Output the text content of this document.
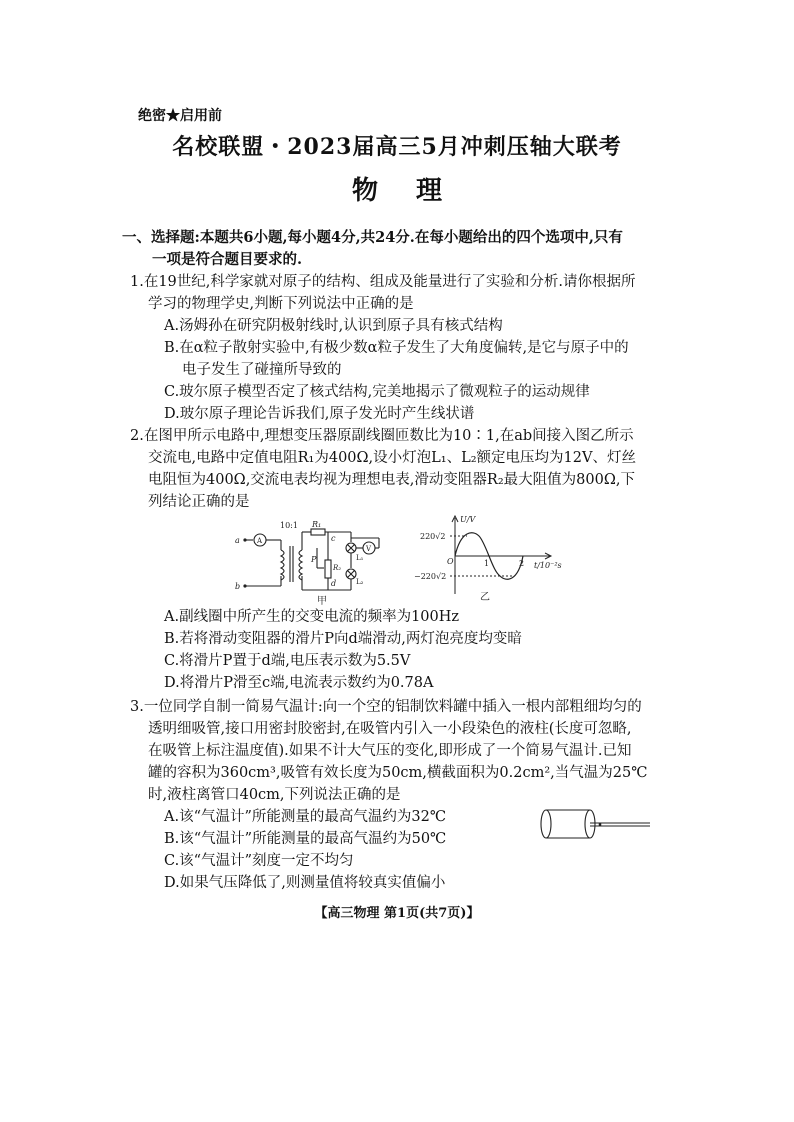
绝密★启用前
名校联盟・2023届高三5月冲刺压轴大联考
物理
一、选择题:本题共6小题,每小题4分,共24分.在每小题给出的四个选项中,只有
一项是符合题目要求的.
1.在19世纪,科学家就对原子的结构、组成及能量进行了实验和分析.请你根据所
学习的物理学史,判断下列说法中正确的是
A.汤姆孙在研究阴极射线时,认识到原子具有核式结构
B.在α粒子散射实验中,有极少数α粒子发生了大角度偏转,是它与原子中的
电子发生了碰撞所导致的
C.玻尔原子模型否定了核式结构,完美地揭示了微观粒子的运动规律
D.玻尔原子理论告诉我们,原子发光时产生线状谱
2.在图甲所示电路中,理想变压器原副线圈匝数比为10∶1,在ab间接入图乙所示
交流电,电路中定值电阻R₁为400Ω,设小灯泡L₁、L₂额定电压均为12V、灯丝
电阻恒为400Ω,交流电表均视为理想电表,滑动变阻器R₂最大阻值为800Ω,下
列结论正确的是
a
b
A
10:1 R₁
c
P
R₂
d
L₁
L₂
V
甲
U/V
220√2
−220√2
O	1	2 t/10⁻²s
乙
A.副线圈中所产生的交变电流的频率为100Hz
B.若将滑动变阻器的滑片P向d端滑动,两灯泡亮度均变暗
C.将滑片P置于d端,电压表示数为5.5V
D.将滑片P滑至c端,电流表示数约为0.78A
3.一位同学自制一简易气温计:向一个空的铝制饮料罐中插入一根内部粗细均匀的
透明细吸管,接口用密封胶密封,在吸管内引入一小段染色的液柱(长度可忽略,
在吸管上标注温度值).如果不计大气压的变化,即形成了一个简易气温计.已知
罐的容积为360cm³,吸管有效长度为50cm,横截面积为0.2cm²,当气温为25℃
时,液柱离管口40cm,下列说法正确的是
A.该“气温计”所能测量的最高气温约为32℃
B.该“气温计”所能测量的最高气温约为50℃
C.该“气温计”刻度一定不均匀
D.如果气压降低了,则测量值将较真实值偏小
【高三物理 第1页(共7页)】
